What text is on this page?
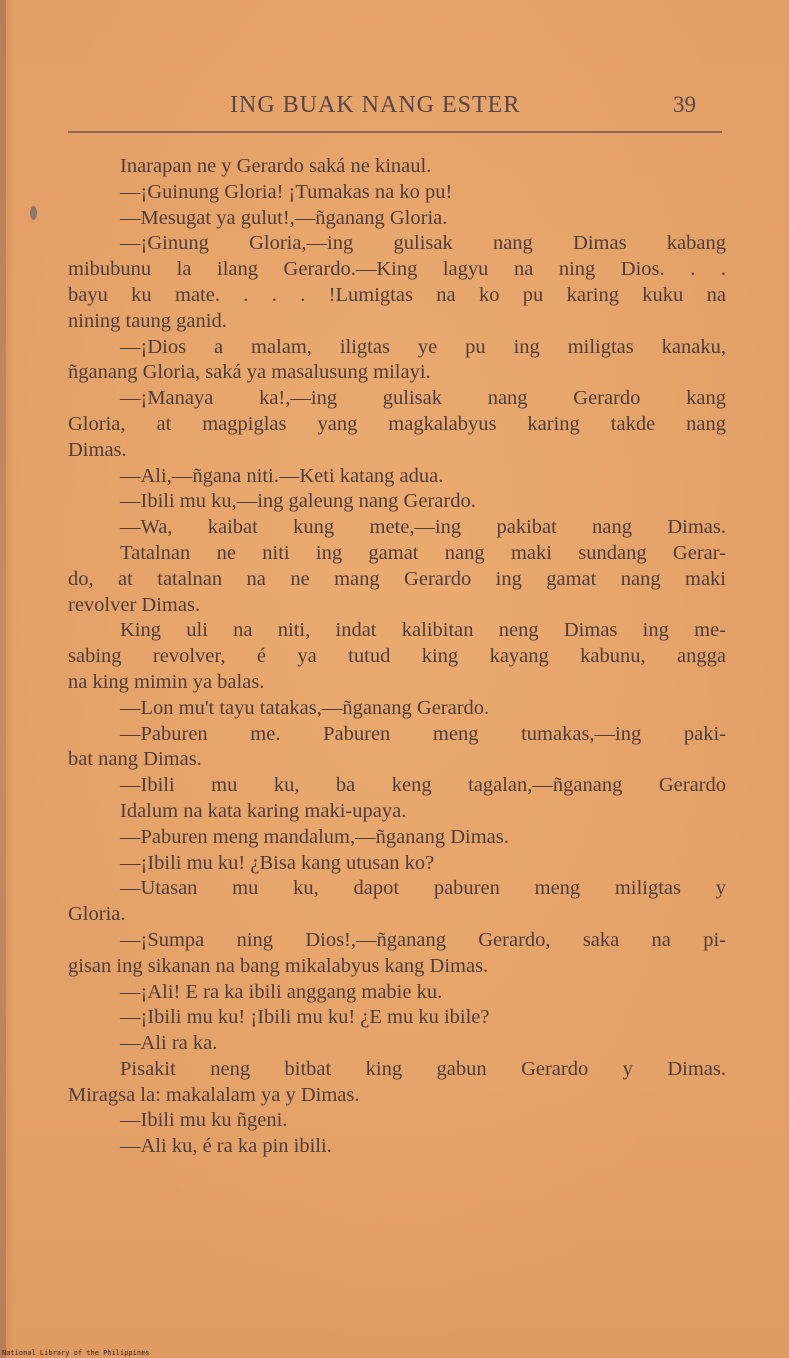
ING BUAK NANG ESTER	39
Inarapan ne y Gerardo saká ne kinaul.
—¡Guinung Gloria! ¡Tumakas na ko pu!
—Mesugat ya gulut!,—ñganang Gloria.
—¡Ginung Gloria,—ing gulisak nang Dimas kabang
mibubunu la ilang Gerardo.—King lagyu na ning Dios. . .
bayu ku mate. . . . !Lumigtas na ko pu karing kuku na
nining taung ganid.
—¡Dios a malam, iligtas ye pu ing miligtas kanaku,
ñganang Gloria, saká ya masalusung milayi.
—¡Manaya ka!,—ing gulisak nang Gerardo kang
Gloria, at magpiglas yang magkalabyus karing takde nang
Dimas.
—Ali,—ñgana niti.—Keti katang adua.
—Ibili mu ku,—ing galeung nang Gerardo.
—Wa, kaibat kung mete,—ing pakibat nang Dimas.
Tatalnan ne niti ing gamat nang maki sundang Gerar-
do, at tatalnan na ne mang Gerardo ing gamat nang maki
revolver Dimas.
King uli na niti, indat kalibitan neng Dimas ing me-
sabing revolver, é ya tutud king kayang kabunu, angga
na king mimin ya balas.
—Lon mu't tayu tatakas,—ñganang Gerardo.
—Paburen me. Paburen meng tumakas,—ing paki-
bat nang Dimas.
—Ibili mu ku, ba keng tagalan,—ñganang Gerardo
Idalum na kata karing maki-upaya.
—Paburen meng mandalum,—ñganang Dimas.
—¡Ibili mu ku! ¿Bisa kang utusan ko?
—Utasan mu ku, dapot paburen meng miligtas y
Gloria.
—¡Sumpa ning Dios!,—ñganang Gerardo, saka na pi-
gisan ing sikanan na bang mikalabyus kang Dimas.
—¡Ali! E ra ka ibili anggang mabie ku.
—¡Ibili mu ku! ¡Ibili mu ku! ¿E mu ku ibile?
—Ali ra ka.
Pisakit neng bitbat king gabun Gerardo y Dimas.
Miragsa la: makalalam ya y Dimas.
—Ibili mu ku ñgeni.
—Ali ku, é ra ka pin ibili.
National Library of the Philippines
